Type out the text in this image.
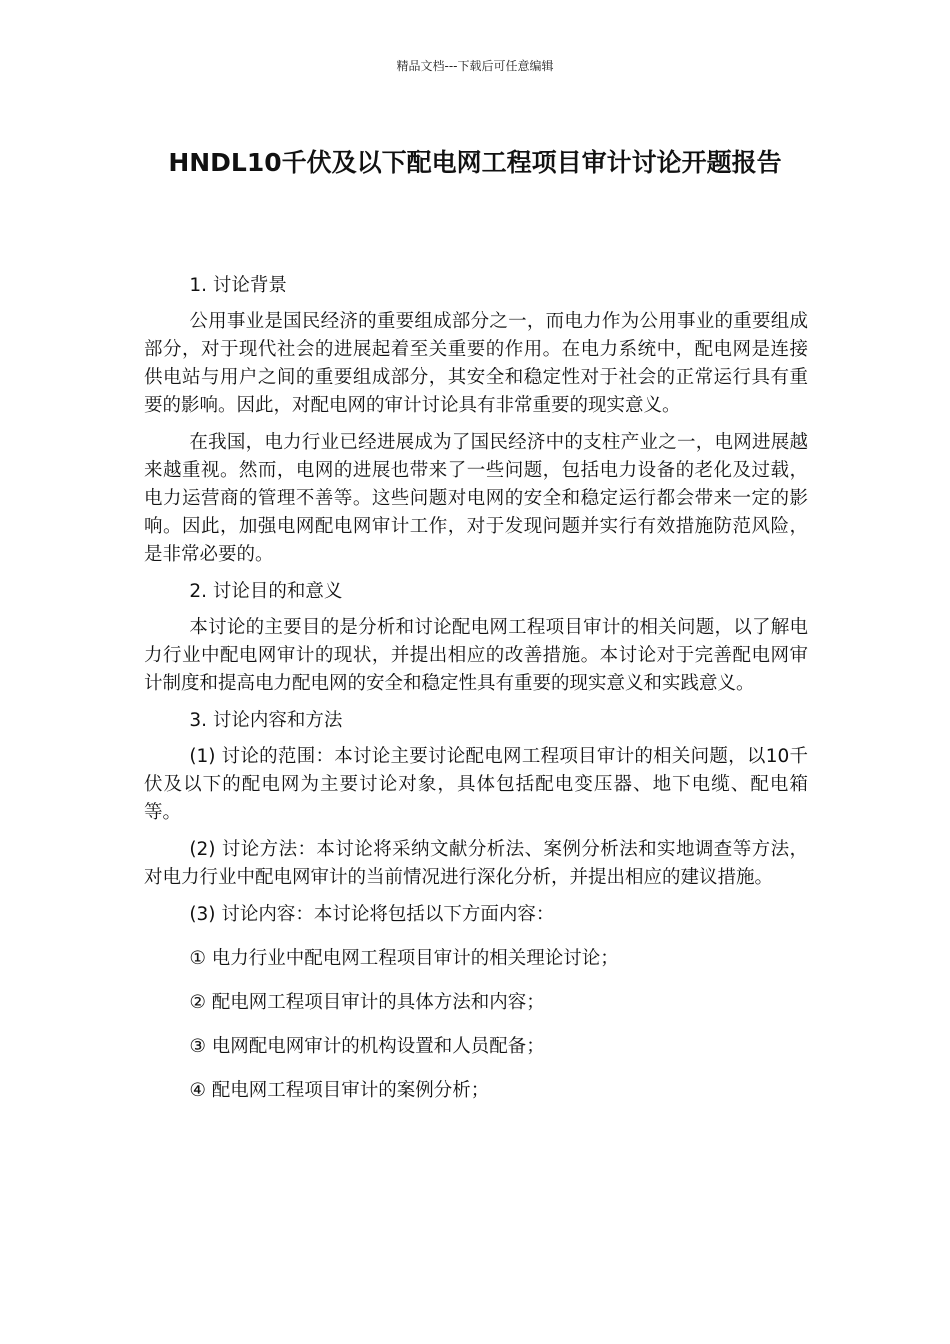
精品文档---下载后可任意编辑
HNDL10千伏及以下配电网工程项目审计讨论开题报告

1. 讨论背景

公用事业是国民经济的重要组成部分之一，而电力作为公用事业的重要组成部分，对于现代社会的进展起着至关重要的作用。在电力系统中，配电网是连接供电站与用户之间的重要组成部分，其安全和稳定性对于社会的正常运行具有重要的影响。因此，对配电网的审计讨论具有非常重要的现实意义。

在我国，电力行业已经进展成为了国民经济中的支柱产业之一，电网进展越来越重视。然而，电网的进展也带来了一些问题，包括电力设备的老化及过载，电力运营商的管理不善等。这些问题对电网的安全和稳定运行都会带来一定的影响。因此，加强电网配电网审计工作，对于发现问题并实行有效措施防范风险，是非常必要的。

2. 讨论目的和意义

本讨论的主要目的是分析和讨论配电网工程项目审计的相关问题，以了解电力行业中配电网审计的现状，并提出相应的改善措施。本讨论对于完善配电网审计制度和提高电力配电网的安全和稳定性具有重要的现实意义和实践意义。

3. 讨论内容和方法

(1) 讨论的范围：本讨论主要讨论配电网工程项目审计的相关问题，以10千伏及以下的配电网为主要讨论对象，具体包括配电变压器、地下电缆、配电箱等。

(2) 讨论方法：本讨论将采纳文献分析法、案例分析法和实地调查等方法，对电力行业中配电网审计的当前情况进行深化分析，并提出相应的建议措施。

(3) 讨论内容：本讨论将包括以下方面内容：

① 电力行业中配电网工程项目审计的相关理论讨论；

② 配电网工程项目审计的具体方法和内容；

③ 电网配电网审计的机构设置和人员配备；

④ 配电网工程项目审计的案例分析；
